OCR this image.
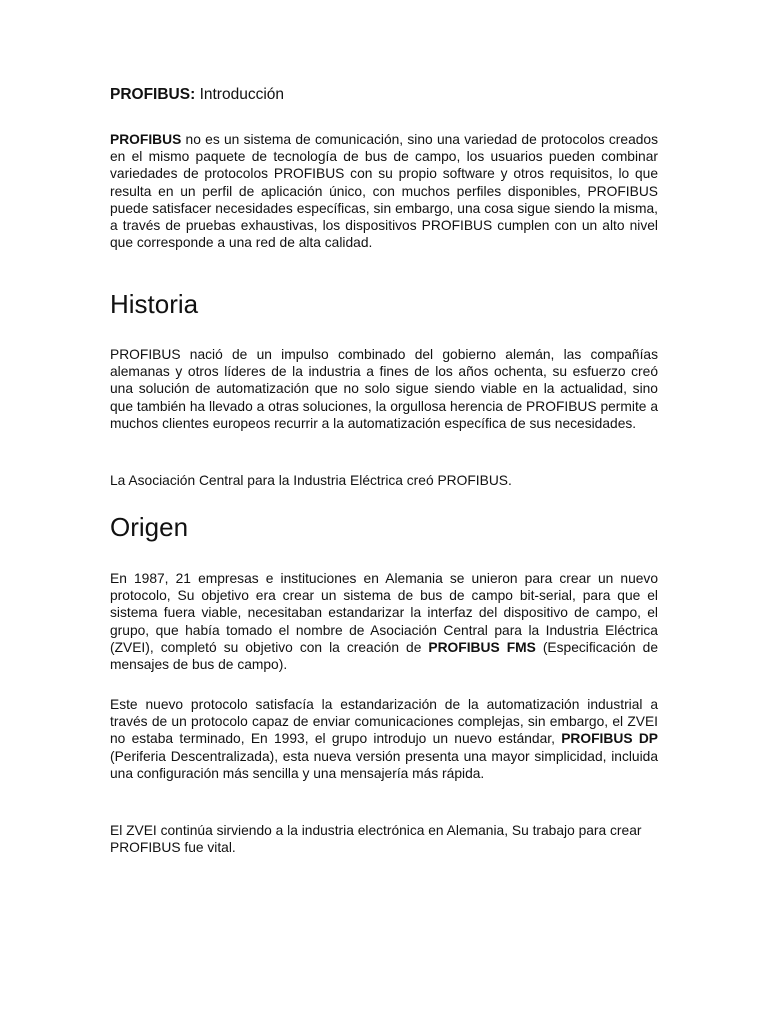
PROFIBUS: Introducción

PROFIBUS no es un sistema de comunicación, sino una variedad de protocolos creados en el mismo paquete de tecnología de bus de campo, los usuarios pueden combinar variedades de protocolos PROFIBUS con su propio software y otros requisitos, lo que resulta en un perfil de aplicación único, con muchos perfiles disponibles, PROFIBUS puede satisfacer necesidades específicas, sin embargo, una cosa sigue siendo la misma, a través de pruebas exhaustivas, los dispositivos PROFIBUS cumplen con un alto nivel que corresponde a una red de alta calidad.

Historia

PROFIBUS nació de un impulso combinado del gobierno alemán, las compañías alemanas y otros líderes de la industria a fines de los años ochenta, su esfuerzo creó una solución de automatización que no solo sigue siendo viable en la actualidad, sino que también ha llevado a otras soluciones, la orgullosa herencia de PROFIBUS permite a muchos clientes europeos recurrir a la automatización específica de sus necesidades.

La Asociación Central para la Industria Eléctrica creó PROFIBUS.

Origen

En 1987, 21 empresas e instituciones en Alemania se unieron para crear un nuevo protocolo, Su objetivo era crear un sistema de bus de campo bit-serial, para que el sistema fuera viable, necesitaban estandarizar la interfaz del dispositivo de campo, el grupo, que había tomado el nombre de Asociación Central para la Industria Eléctrica (ZVEI), completó su objetivo con la creación de PROFIBUS FMS (Especificación de mensajes de bus de campo).

Este nuevo protocolo satisfacía la estandarización de la automatización industrial a través de un protocolo capaz de enviar comunicaciones complejas, sin embargo, el ZVEI no estaba terminado, En 1993, el grupo introdujo un nuevo estándar, PROFIBUS DP (Periferia Descentralizada), esta nueva versión presenta una mayor simplicidad, incluida una configuración más sencilla y una mensajería más rápida.

El ZVEI continúa sirviendo a la industria electrónica en Alemania, Su trabajo para crear PROFIBUS fue vital.
